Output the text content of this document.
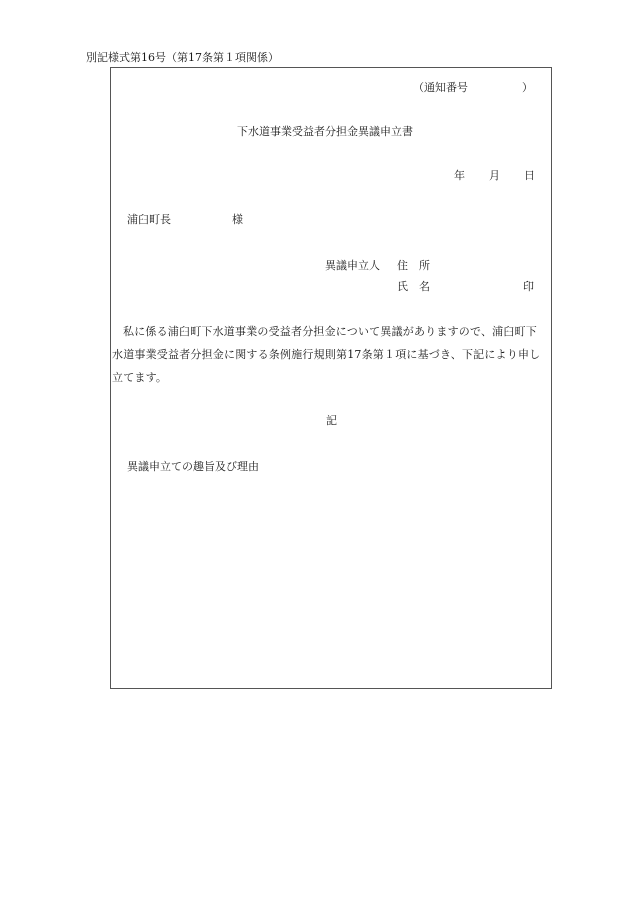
別記様式第16号（第17条第１項関係）
（通知番号	）
下水道事業受益者分担金異議申立書
年 月 日
浦臼町長	様
異議申立人 住　所
氏　名	印
私に係る浦臼町下水道事業の受益者分担金について異議がありますので、浦臼町下水道事業受益者分担金に関する条例施行規則第17条第１項に基づき、下記により申し立てます。
記
異議申立ての趣旨及び理由
